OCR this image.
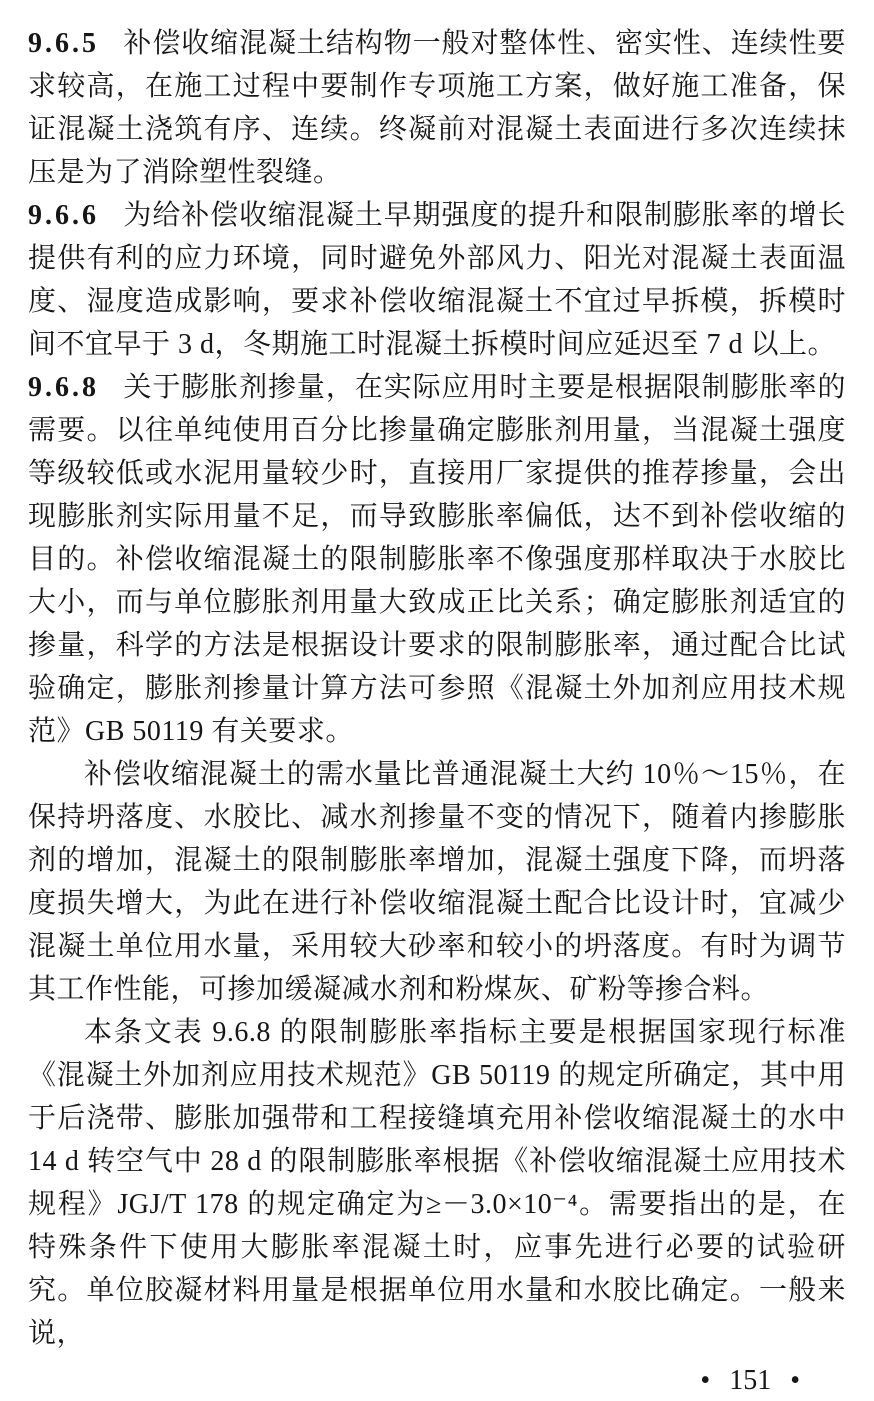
9.6.5 补偿收缩混凝土结构物一般对整体性、密实性、连续性要求较高，在施工过程中要制作专项施工方案，做好施工准备，保证混凝土浇筑有序、连续。终凝前对混凝土表面进行多次连续抹压是为了消除塑性裂缝。

9.6.6 为给补偿收缩混凝土早期强度的提升和限制膨胀率的增长提供有利的应力环境，同时避免外部风力、阳光对混凝土表面温度、湿度造成影响，要求补偿收缩混凝土不宜过早拆模，拆模时间不宜早于 3 d，冬期施工时混凝土拆模时间应延迟至 7 d 以上。

9.6.8 关于膨胀剂掺量，在实际应用时主要是根据限制膨胀率的需要。以往单纯使用百分比掺量确定膨胀剂用量，当混凝土强度等级较低或水泥用量较少时，直接用厂家提供的推荐掺量，会出现膨胀剂实际用量不足，而导致膨胀率偏低，达不到补偿收缩的目的。补偿收缩混凝土的限制膨胀率不像强度那样取决于水胶比大小，而与单位膨胀剂用量大致成正比关系；确定膨胀剂适宜的掺量，科学的方法是根据设计要求的限制膨胀率，通过配合比试验确定，膨胀剂掺量计算方法可参照《混凝土外加剂应用技术规范》GB 50119 有关要求。

补偿收缩混凝土的需水量比普通混凝土大约 10％～15％，在保持坍落度、水胶比、减水剂掺量不变的情况下，随着内掺膨胀剂的增加，混凝土的限制膨胀率增加，混凝土强度下降，而坍落度损失增大，为此在进行补偿收缩混凝土配合比设计时，宜减少混凝土单位用水量，采用较大砂率和较小的坍落度。有时为调节其工作性能，可掺加缓凝减水剂和粉煤灰、矿粉等掺合料。

本条文表 9.6.8 的限制膨胀率指标主要是根据国家现行标准《混凝土外加剂应用技术规范》GB 50119 的规定所确定，其中用于后浇带、膨胀加强带和工程接缝填充用补偿收缩混凝土的水中 14 d 转空气中 28 d 的限制膨胀率根据《补偿收缩混凝土应用技术规程》JGJ/T 178 的规定确定为≥－3.0×10⁻⁴。需要指出的是，在特殊条件下使用大膨胀率混凝土时，应事先进行必要的试验研究。单位胶凝材料用量是根据单位用水量和水胶比确定。一般来说，

• 151 •
